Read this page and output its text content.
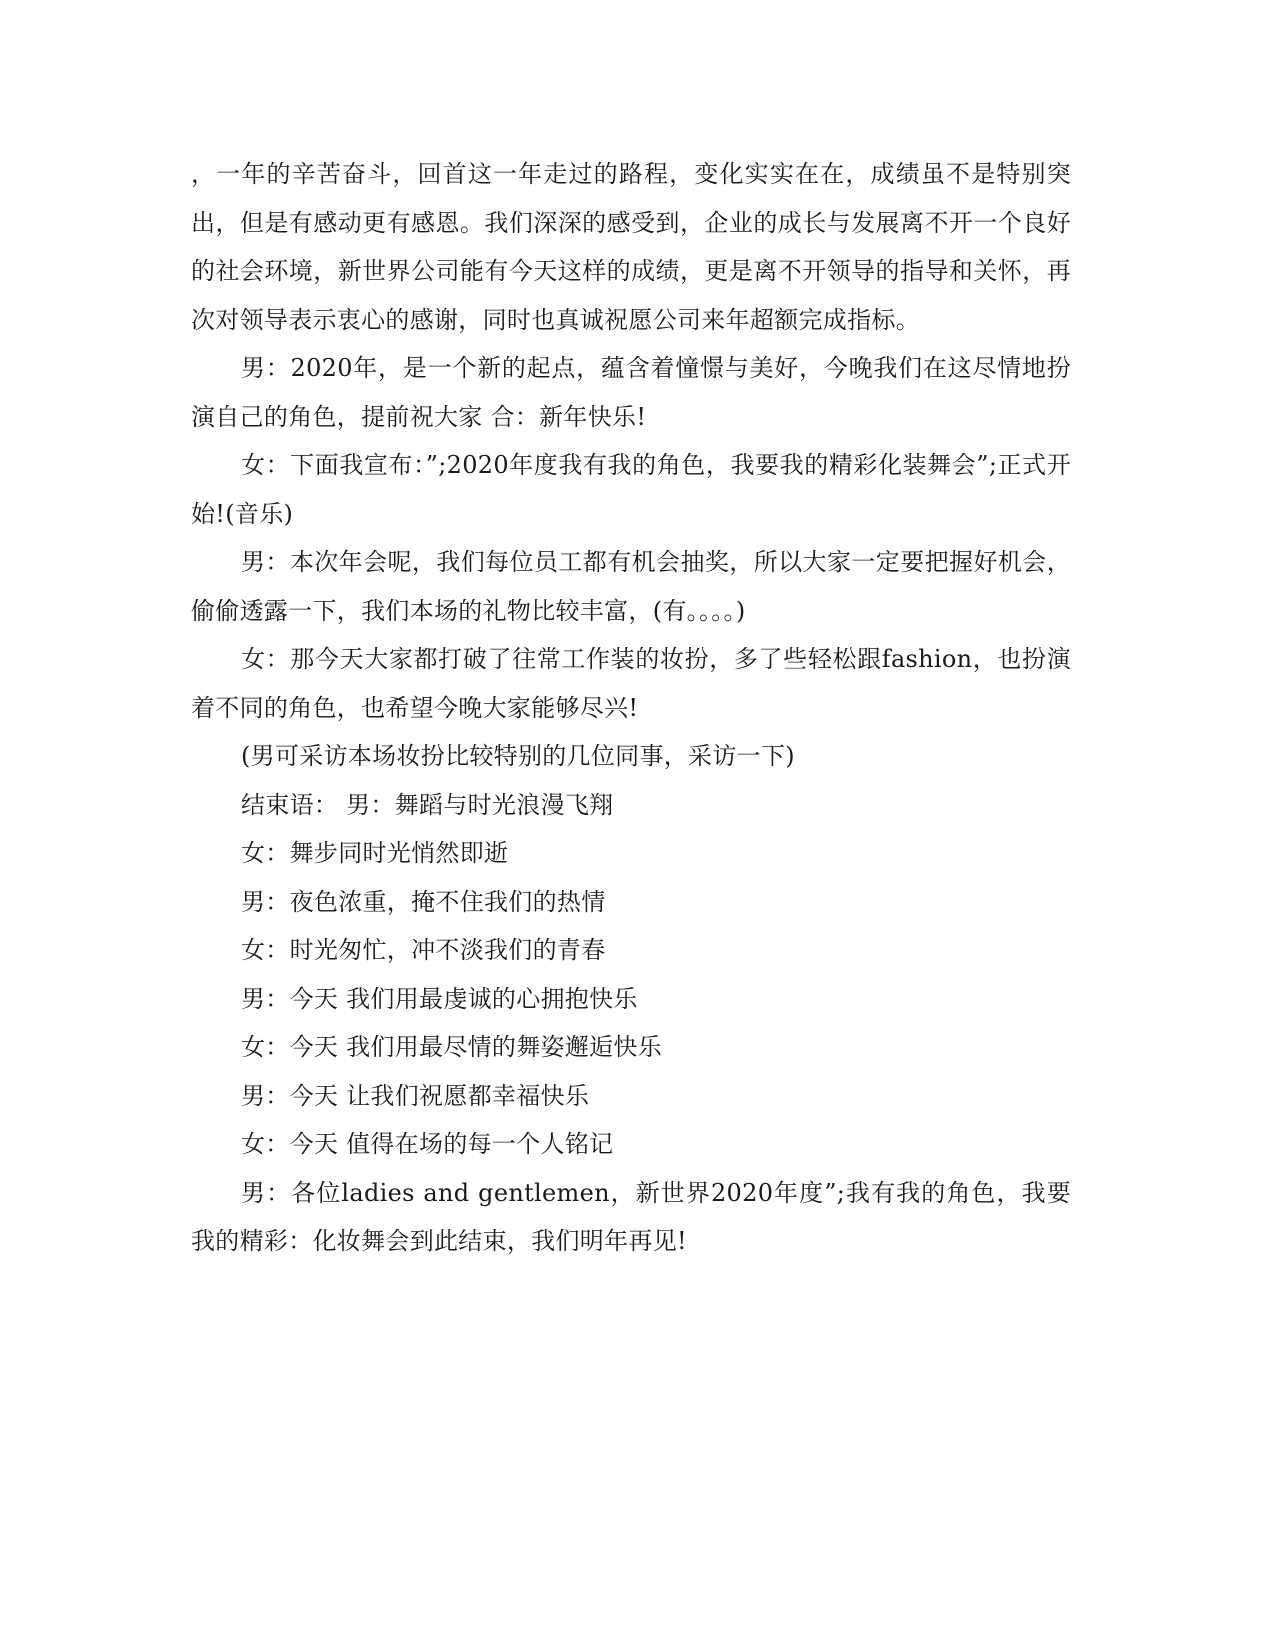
，一年的辛苦奋斗，回首这一年走过的路程，变化实实在在，成绩虽不是特别突出，但是有感动更有感恩。我们深深的感受到，企业的成长与发展离不开一个良好的社会环境，新世界公司能有今天这样的成绩，更是离不开领导的指导和关怀，再次对领导表示衷心的感谢，同时也真诚祝愿公司来年超额完成指标。

男：2020年，是一个新的起点，蕴含着憧憬与美好，今晚我们在这尽情地扮演自己的角色，提前祝大家 合：新年快乐!

女：下面我宣布：”;2020年度我有我的角色，我要我的精彩化装舞会”;正式开始!(音乐)

男：本次年会呢，我们每位员工都有机会抽奖，所以大家一定要把握好机会，偷偷透露一下，我们本场的礼物比较丰富，(有。。。。)

女：那今天大家都打破了往常工作装的妆扮，多了些轻松跟fashion，也扮演着不同的角色，也希望今晚大家能够尽兴!

(男可采访本场妆扮比较特别的几位同事，采访一下)

结束语： 男：舞蹈与时光浪漫飞翔

女：舞步同时光悄然即逝

男：夜色浓重，掩不住我们的热情

女：时光匆忙，冲不淡我们的青春

男：今天 我们用最虔诚的心拥抱快乐

女：今天 我们用最尽情的舞姿邂逅快乐

男：今天 让我们祝愿都幸福快乐

女：今天 值得在场的每一个人铭记

男：各位ladies and gentlemen，新世界2020年度”;我有我的角色，我要我的精彩：化妆舞会到此结束，我们明年再见!
